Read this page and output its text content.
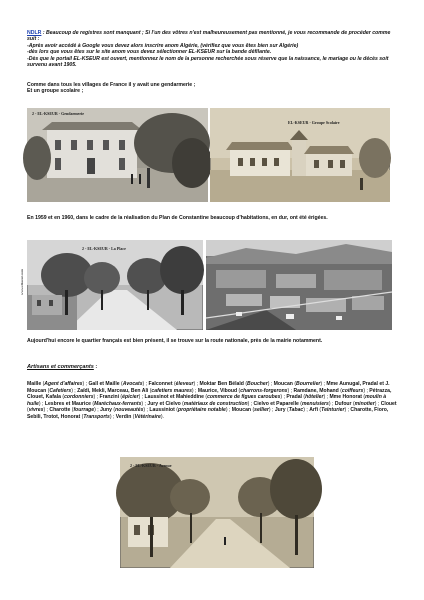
NDLR : Beaucoup de registres sont manquant ; Si l'un des vôtres n'est malheureusement pas mentionné, je vous recommande de procéder comme suit :
-Après avoir accédé à Google vous devez alors inscrire anom Algérie, (vérifiez que vous êtes bien sur Algérie)
-dès lors que vous êtes sur le site anom vous devez sélectionner EL-KSEUR sur la bande défilante.
-Dès que le portail EL-KSEUR est ouvert, mentionnez le nom de la personne recherchée sous réserve que la naissance, le mariage ou le décès soit survenu avant 1905.
Comme dans tous les villages de France il y avait une gendarmerie ;
Et un groupe scolaire ;
2 - EL-KSEUR - Gendarmerie
EL-KSEUR - Groupe Scolaire
En 1959 et en 1960, dans le cadre de la réalisation du Plan de Constantine beaucoup d'habitations, en dur, ont été érigées.
2 - EL-KSEUR - La Place
www.elkseur.com
Aujourd'hui encore le quartier français est bien présent, il se trouve sur la route nationale, près de la mairie notamment.
Artisans et commerçants :
Maille (Agent d'affaires) ; Gall et Maille (Avocats) ; Falconnet (éleveur) ; Moktar Ben Bélaïd (Boucher) ; Moucan (Bourrelier) ; Mme Aunugal, Pradal et J. Moucan (Cafetiers) ; Zaïdi, Mekli, Marceau, Ben Ali (cafetiers maures) ; Maurice, Viboud (charrons-forgerons) ; Ramdane, Mohand (coiffeurs) ; Pétrazza, Clouet, Kafala (cordonniers) ; Franzini (épicier) ; Laussinot et Mahieddine (commerce de figues caroubes) ; Pradal (hôtelier) ; Mme Honorat (moulin à huile) ; Lesbres et Maurice (Maréchaux-ferrants) ; Jury et Cielvo (matériaux de construction) ; Cielvo et Paparelle (menuisiers) ; Dufour (minotier) ; Clouet (vivres) ; Charotte (fourrage) ; Juny (nouveautés) ; Laussiniot (propriétaire notable) ; Moucan (sellier) ; Jury (Tabac) ; Arfi (Teinturier) ; Charotte, Fioro, Sebili, Trotot, Honorat (Transports) ; Verdin (Vétérinaire).
2 - EL-KSEUR - Avenue
